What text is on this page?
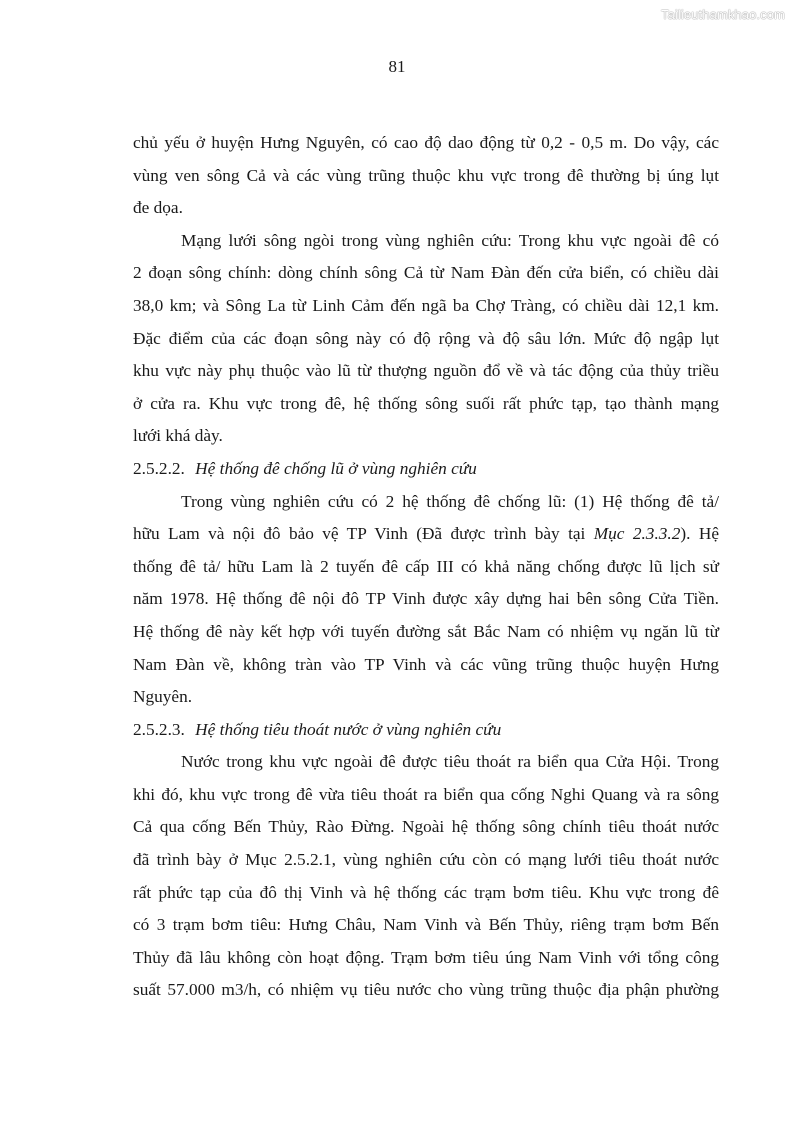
Tailieuthamkhao.com
81
chủ yếu ở huyện Hưng Nguyên, có cao độ dao động từ 0,2 - 0,5 m. Do vậy, các
vùng ven sông Cả và các vùng trũng thuộc khu vực trong đê thường bị úng lụt
đe dọa.
Mạng lưới sông ngòi trong vùng nghiên cứu: Trong khu vực ngoài đê có
2 đoạn sông chính: dòng chính sông Cả từ Nam Đàn đến cửa biển, có chiều dài
38,0 km; và Sông La từ Linh Cảm đến ngã ba Chợ Tràng, có chiều dài 12,1 km.
Đặc điểm của các đoạn sông này có độ rộng và độ sâu lớn. Mức độ ngập lụt
khu vực này phụ thuộc vào lũ từ thượng nguồn đổ về và tác động của thủy triều
ở cửa ra. Khu vực trong đê, hệ thống sông suối rất phức tạp, tạo thành mạng
lưới khá dày.
2.5.2.2. Hệ thống đê chống lũ ở vùng nghiên cứu
Trong vùng nghiên cứu có 2 hệ thống đê chống lũ: (1) Hệ thống đê tả/
hữu Lam và nội đô bảo vệ TP Vinh (Đã được trình bày tại Mục 2.3.3.2). Hệ
thống đê tả/ hữu Lam là 2 tuyến đê cấp III có khả năng chống được lũ lịch sử
năm 1978. Hệ thống đê nội đô TP Vinh được xây dựng hai bên sông Cửa Tiền.
Hệ thống đê này kết hợp với tuyến đường sắt Bắc Nam có nhiệm vụ ngăn lũ từ
Nam Đàn về, không tràn vào TP Vinh và các vũng trũng thuộc huyện Hưng
Nguyên.
2.5.2.3. Hệ thống tiêu thoát nước ở vùng nghiên cứu
Nước trong khu vực ngoài đê được tiêu thoát ra biển qua Cửa Hội. Trong
khi đó, khu vực trong đê vừa tiêu thoát ra biển qua cống Nghi Quang và ra sông
Cả qua cống Bến Thủy, Rào Đừng. Ngoài hệ thống sông chính tiêu thoát nước
đã trình bày ở Mục 2.5.2.1, vùng nghiên cứu còn có mạng lưới tiêu thoát nước
rất phức tạp của đô thị Vinh và hệ thống các trạm bơm tiêu. Khu vực trong đê
có 3 trạm bơm tiêu: Hưng Châu, Nam Vinh và Bến Thủy, riêng trạm bơm Bến
Thủy đã lâu không còn hoạt động. Trạm bơm tiêu úng Nam Vinh với tổng công
suất 57.000 m3/h, có nhiệm vụ tiêu nước cho vùng trũng thuộc địa phận phường
